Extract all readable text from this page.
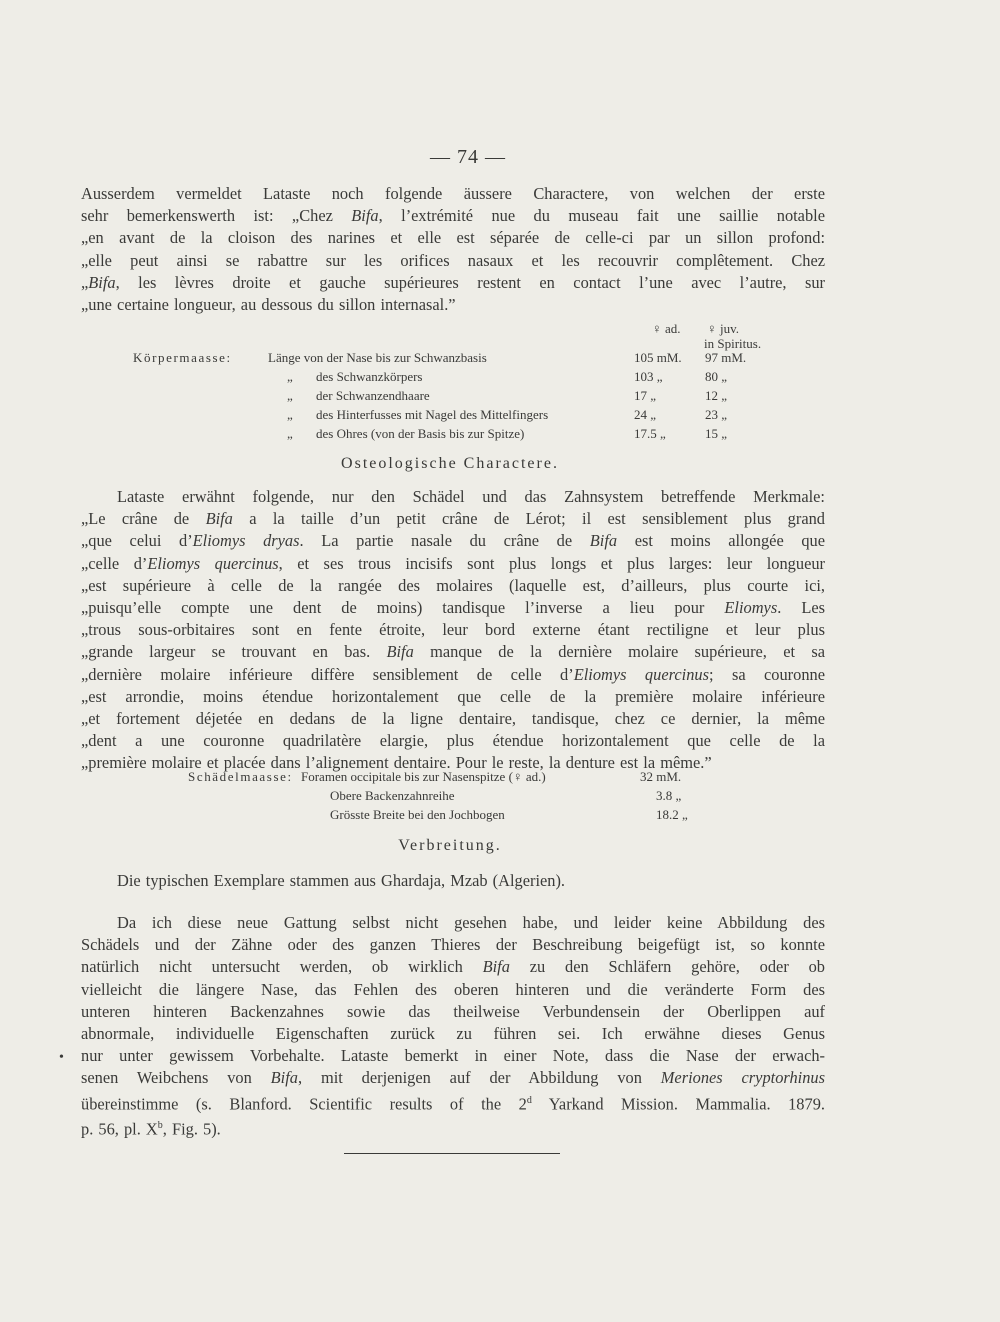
— 74 —
Ausserdem vermeldet Lataste noch folgende äussere Charactere, von welchen der erste
sehr bemerkenswerth ist: „Chez Bifa, l’extrémité nue du museau fait une saillie notable
„en avant de la cloison des narines et elle est séparée de celle-ci par un sillon profond:
„elle peut ainsi se rabattre sur les orifices nasaux et les recouvrir complêtement. Chez
„Bifa, les lèvres droite et gauche supérieures restent en contact l’une avec l’autre, sur
„une certaine longueur, au dessous du sillon internasal.”
♀ ad. ♀ juv.
in Spiritus.
Körpermaasse:	Länge von der Nase bis zur Schwanzbasis	105 mM. 97 mM.
„ des Schwanzkörpers	103 „	80 „
„ der Schwanzendhaare	17 „	12 „
„ des Hinterfusses mit Nagel des Mittelfingers	24 „	23 „
„ des Ohres (von der Basis bis zur Spitze)	17.5 „	15 „
Osteologische Charactere.
Lataste erwähnt folgende, nur den Schädel und das Zahnsystem betreffende Merkmale:
„Le crâne de Bifa a la taille d’un petit crâne de Lérot; il est sensiblement plus grand
„que celui d’Eliomys dryas. La partie nasale du crâne de Bifa est moins allongée que
„celle d’Eliomys quercinus, et ses trous incisifs sont plus longs et plus larges: leur longueur
„est supérieure à celle de la rangée des molaires (laquelle est, d’ailleurs, plus courte ici,
„puisqu’elle compte une dent de moins) tandisque l’inverse a lieu pour Eliomys. Les
„trous sous-orbitaires sont en fente étroite, leur bord externe étant rectiligne et leur plus
„grande largeur se trouvant en bas. Bifa manque de la dernière molaire supérieure, et sa
„dernière molaire inférieure diffère sensiblement de celle d’Eliomys quercinus; sa couronne
„est arrondie, moins étendue horizontalement que celle de la première molaire inférieure
„et fortement déjetée en dedans de la ligne dentaire, tandisque, chez ce dernier, la même
„dent a une couronne quadrilatère elargie, plus étendue horizontalement que celle de la
„première molaire et placée dans l’alignement dentaire. Pour le reste, la denture est la même.”
Schädelmaasse: Foramen occipitale bis zur Nasenspitze (♀ ad.)	32 mM.
Obere Backenzahnreihe	3.8 „
Grösste Breite bei den Jochbogen	18.2 „
Verbreitung.
Die typischen Exemplare stammen aus Ghardaja, Mzab (Algerien).
Da ich diese neue Gattung selbst nicht gesehen habe, und leider keine Abbildung des
Schädels und der Zähne oder des ganzen Thieres der Beschreibung beigefügt ist, so konnte
natürlich nicht untersucht werden, ob wirklich Bifa zu den Schläfern gehöre, oder ob
vielleicht die längere Nase, das Fehlen des oberen hinteren und die veränderte Form des
unteren hinteren Backenzahnes sowie das theilweise Verbundensein der Oberlippen auf
abnormale, individuelle Eigenschaften zurück zu führen sei. Ich erwähne dieses Genus
nur unter gewissem Vorbehalte. Lataste bemerkt in einer Note, dass die Nase der erwach-
senen Weibchens von Bifa, mit derjenigen auf der Abbildung von Meriones cryptorhinus
übereinstimme (s. Blanford. Scientific results of the 2$^d$ Yarkand Mission. Mammalia. 1879.
p. 56, pl. $X^b$, Fig. 5).
•
